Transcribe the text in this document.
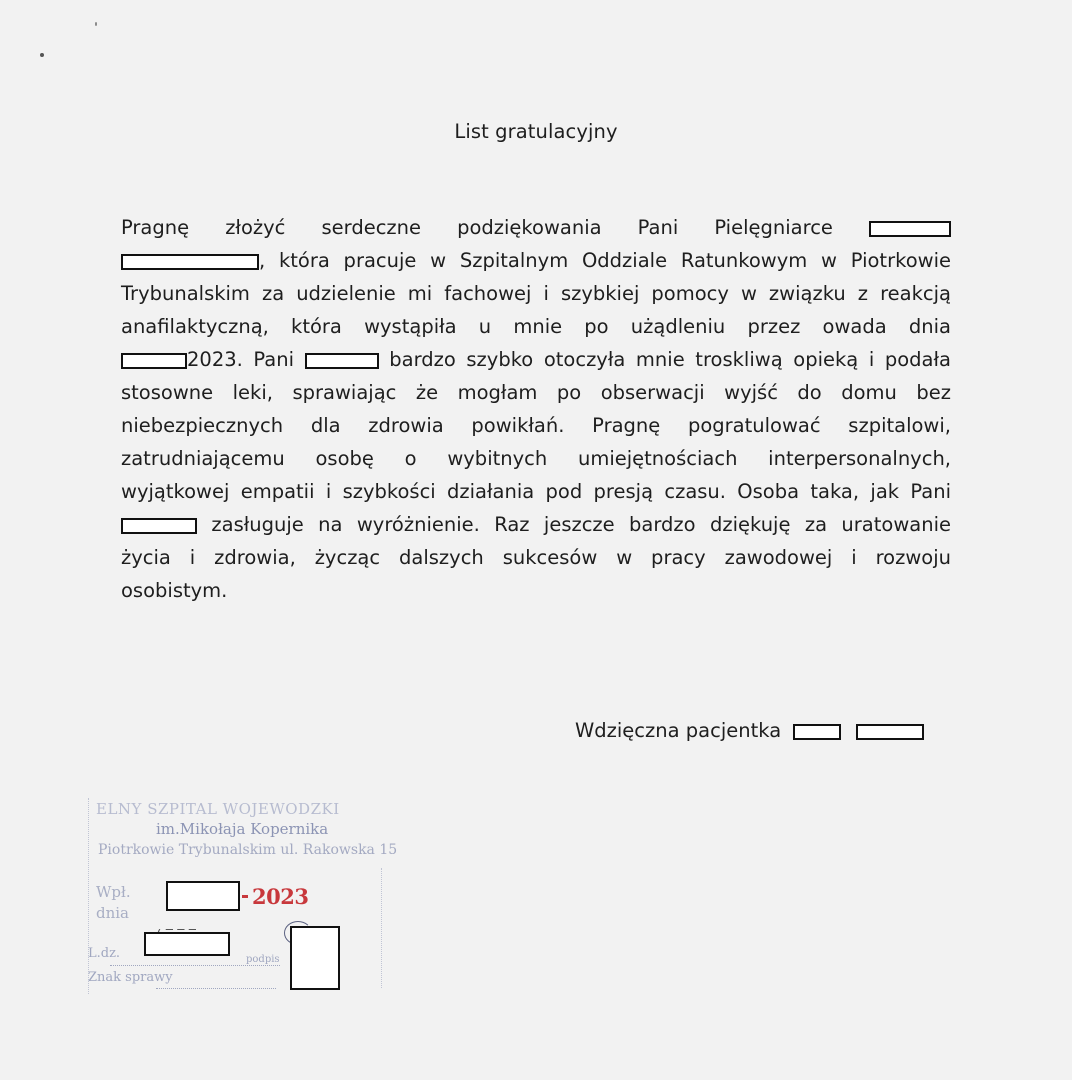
List gratulacyjny
Pragnę złożyć serdeczne podziękowania Pani Pielęgniarce
, która pracuje w Szpitalnym Oddziale Ratunkowym w Piotrkowie
Trybunalskim za udzielenie mi fachowej i szybkiej pomocy w związku z reakcją
anafilaktyczną, która wystąpiła u mnie po użądleniu przez owada dnia
2023. Pani	bardzo szybko otoczyła mnie troskliwą opieką i podała
stosowne leki, sprawiając że mogłam po obserwacji wyjść do domu bez
niebezpiecznych dla zdrowia powikłań. Pragnę pogratulować szpitalowi,
zatrudniającemu osobę o wybitnych umiejętnościach interpersonalnych,
wyjątkowej empatii i szybkości działania pod presją czasu. Osoba taka, jak Pani
zasługuje na wyróżnienie. Raz jeszcze bardzo dziękuję za uratowanie
życia i zdrowia, życząc dalszych sukcesów w pracy zawodowej i rozwoju
osobistym.
Wdzięczna pacjentka
ELNY SZPITAL WOJEWODZKI
im.Mikołaja Kopernika
Piotrkowie Trybunalskim ul. Rakowska 15
Wpł.
dnia
2023
L.dz.	podpis
Znak sprawy
